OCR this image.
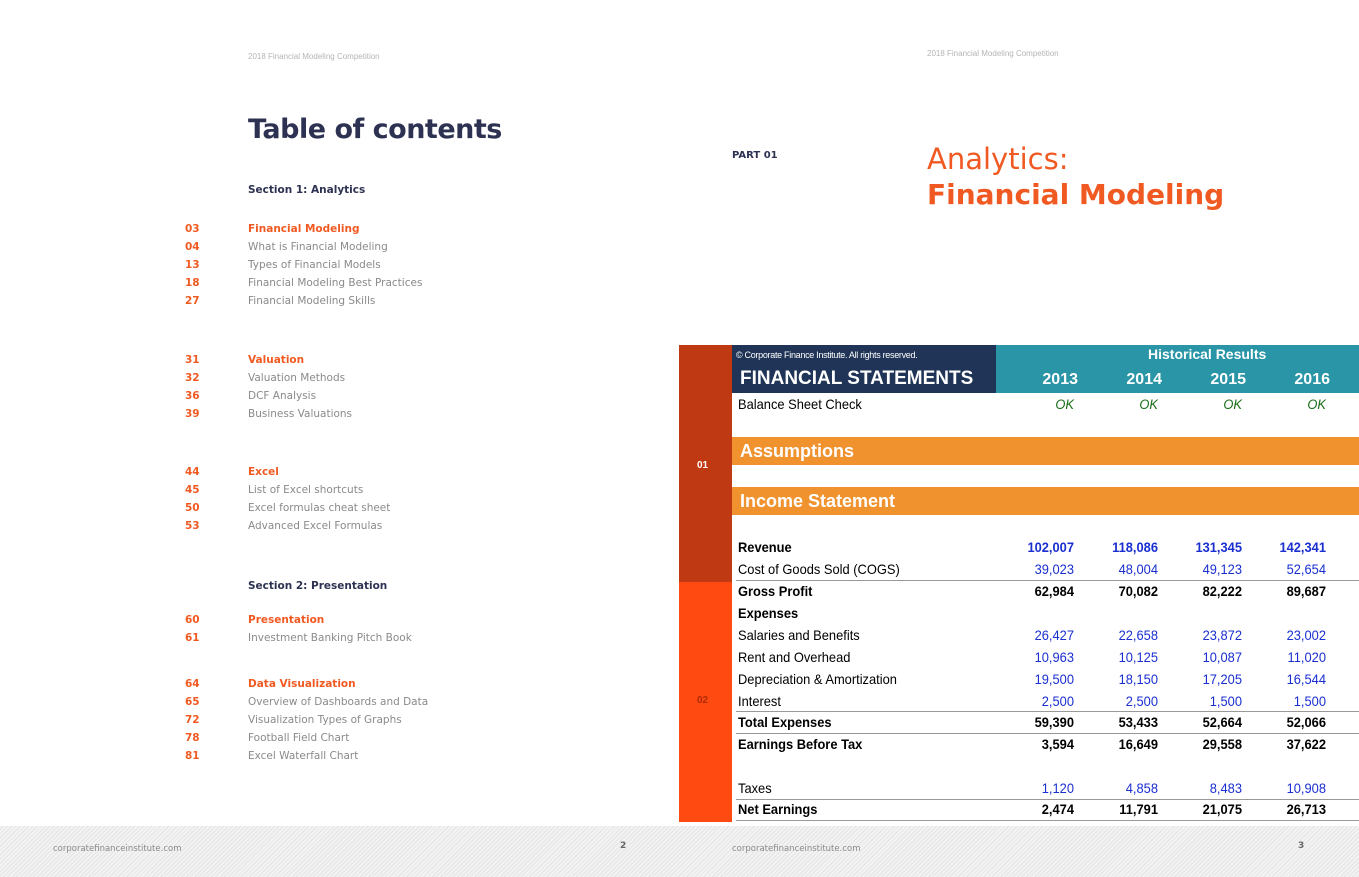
2018 Financial Modeling Competition	2018 Financial Modeling Competition
Table of contents
Section 1: Analytics
Section 2: Presentation
03	Financial Modeling
04	What is Financial Modeling
13	Types of Financial Models
18	Financial Modeling Best Practices
27	Financial Modeling Skills
31	Valuation
32	Valuation Methods
36	DCF Analysis
39	Business Valuations
44	Excel
45	List of Excel shortcuts
50	Excel formulas cheat sheet
53	Advanced Excel Formulas
60	Presentation
61	Investment Banking Pitch Book
64	Data Visualization
65	Overview of Dashboards and Data
72	Visualization Types of Graphs
78	Football Field Chart
81	Excel Waterfall Chart
PART 01	Analytics:
Financial Modeling
01
02
© Corporate Finance Institute. All rights reserved.
FINANCIAL STATEMENTS
Historical Results
2013	2014	2015	2016
Balance Sheet Check	OK	OK	OK	OK
Assumptions
Income Statement
Revenue	102,007	118,086	131,345	142,341
Cost of Goods Sold (COGS)	39,023	48,004	49,123	52,654
Gross Profit	62,984	70,082	82,222	89,687
Expenses
Salaries and Benefits	26,427	22,658	23,872	23,002
Rent and Overhead	10,963	10,125	10,087	11,020
Depreciation & Amortization	19,500	18,150	17,205	16,544
Interest	2,500	2,500	1,500	1,500
Total Expenses	59,390	53,433	52,664	52,066
Earnings Before Tax	3,594	16,649	29,558	37,622
Taxes	1,120	4,858	8,483	10,908
Net Earnings	2,474	11,791	21,075	26,713
corporatefinanceinstitute.com	2	corporatefinanceinstitute.com	3
